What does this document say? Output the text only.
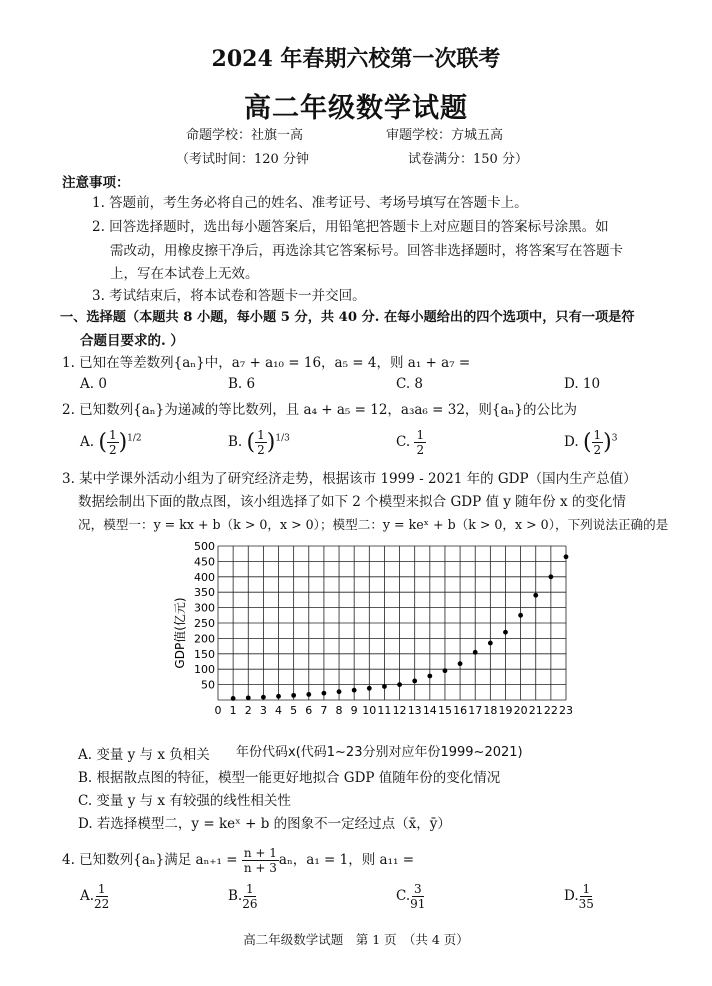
2024 年春期六校第一次联考
高二年级数学试题
命题学校：社旗一高	审题学校：方城五高
（考试时间：120 分钟	试卷满分：150 分）
注意事项：
1. 答题前，考生务必将自己的姓名、准考证号、考场号填写在答题卡上。
2. 回答选择题时，选出每小题答案后，用铅笔把答题卡上对应题目的答案标号涂黑。如
需改动，用橡皮擦干净后，再选涂其它答案标号。回答非选择题时，将答案写在答题卡
上，写在本试卷上无效。
3. 考试结束后，将本试卷和答题卡一并交回。
一、选择题（本题共 8 小题，每小题 5 分，共 40 分. 在每小题给出的四个选项中，只有一项是符
合题目要求的. ）
1. 已知在等差数列{aₙ}中，a₇ + a₁₀ = 16，a₅ = 4，则 a₁ + a₇ =
A. 0	B. 6	C. 8	D. 10
2. 已知数列{aₙ}为递减的等比数列，且 a₄ + a₅ = 12，a₃a₆ = 32，则{aₙ}的公比为
A. ( $\frac{1}{2} )^{1/2}$	B. ( $\frac{1}{2} )^{1/3}$	C. $\frac{1}{2}$	D. ( $\frac{1}{2} )^3$
3. 某中学课外活动小组为了研究经济走势，根据该市 1999 - 2021 年的 GDP（国内生产总值）
数据绘制出下面的散点图，该小组选择了如下 2 个模型来拟合 GDP 值 y 随年份 x 的变化情
况，模型一：y = kx + b（k > 0，x > 0）；模型二：y = keˣ + b（k > 0，x > 0），下列说法正确的是
50
100
150
200
250
300
350
400
450
500
0 1 2 3 4 5 6 7 8 9 10 11 12 13 14 15 16 17 18 19 20 21 22 23
GDP值(亿元)
年份代码x(代码1~23分别对应年份1999~2021)
A. 变量 y 与 x 负相关
B. 根据散点图的特征，模型一能更好地拟合 GDP 值随年份的变化情况
C. 变量 y 与 x 有较强的线性相关性
D. 若选择模型二，y = keˣ + b 的图象不一定经过点（x̄，ȳ）
4. 已知数列{aₙ}满足 $a_{n+1} = \frac{n + 1}{n + 3}$ aₙ，a₁ = 1，则 a₁₁ =
A. $\frac{1}{22}$	B. $\frac{1}{26}$	C. $\frac{3}{91}$	D. $\frac{1}{35}$
高二年级数学试题　第 1 页　（共 4 页）
